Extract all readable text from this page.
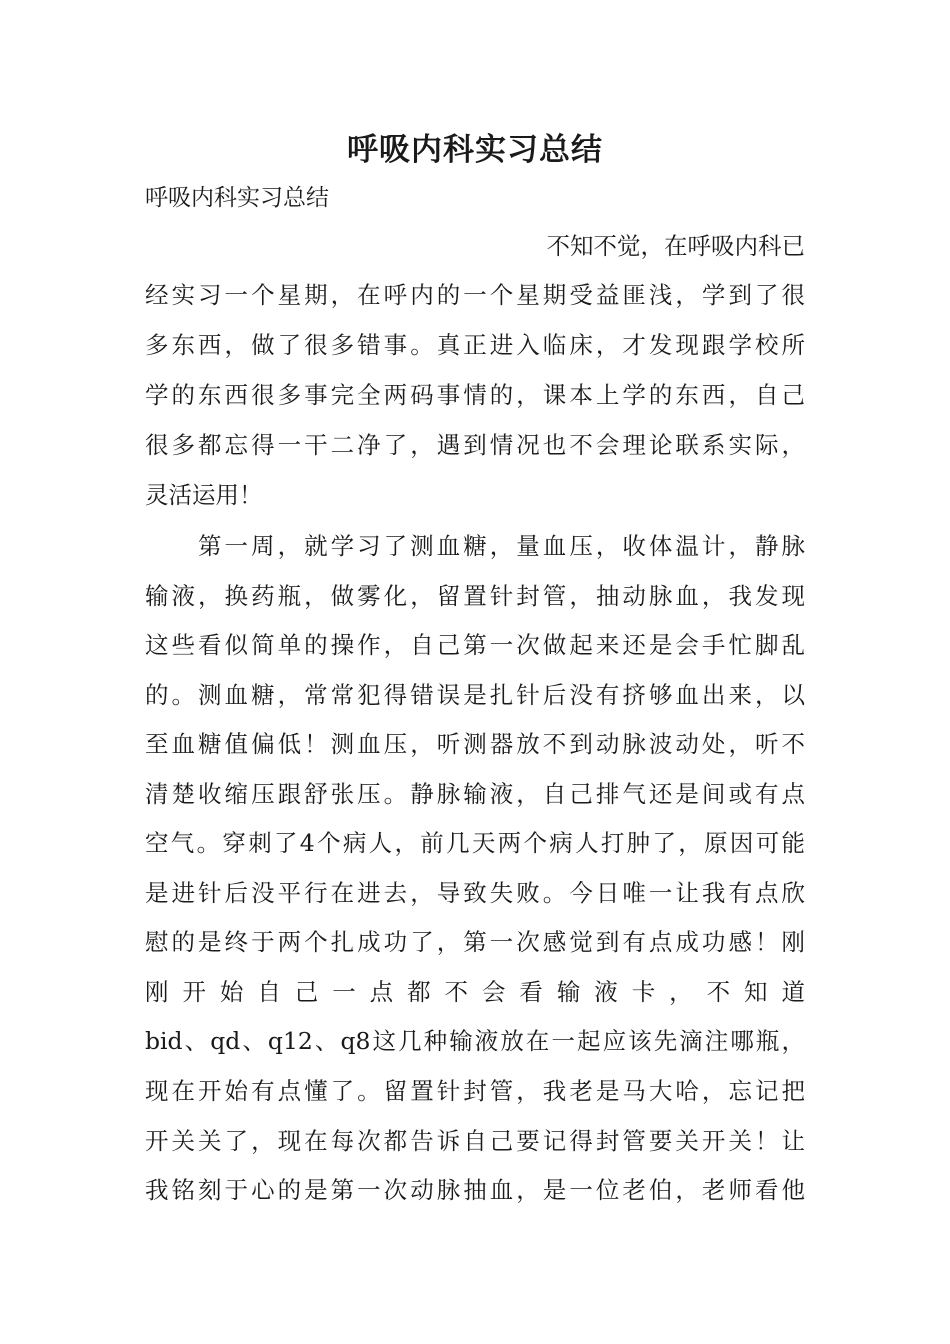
呼吸内科实习总结
呼吸内科实习总结
不知不觉，在呼吸内科已
经实习一个星期，在呼内的一个星期受益匪浅，学到了很
多东西，做了很多错事。真正进入临床，才发现跟学校所
学的东西很多事完全两码事情的，课本上学的东西，自己
很多都忘得一干二净了，遇到情况也不会理论联系实际，
灵活运用！
第一周，就学习了测血糖，量血压，收体温计，静脉
输液，换药瓶，做雾化，留置针封管，抽动脉血，我发现
这些看似简单的操作，自己第一次做起来还是会手忙脚乱
的。测血糖，常常犯得错误是扎针后没有挤够血出来，以
至血糖值偏低！测血压，听测器放不到动脉波动处，听不
清楚收缩压跟舒张压。静脉输液，自己排气还是间或有点
空气。穿刺了4个病人，前几天两个病人打肿了，原因可能
是进针后没平行在进去，导致失败。今日唯一让我有点欣
慰的是终于两个扎成功了，第一次感觉到有点成功感！刚
刚 开 始 自 己 一 点 都 不 会 看 输 液 卡 ， 不 知 道
bid、qd、q12、q8这几种输液放在一起应该先滴注哪瓶，
现在开始有点懂了。留置针封管，我老是马大哈，忘记把
开关关了，现在每次都告诉自己要记得封管要关开关！让
我铭刻于心的是第一次动脉抽血，是一位老伯，老师看他
